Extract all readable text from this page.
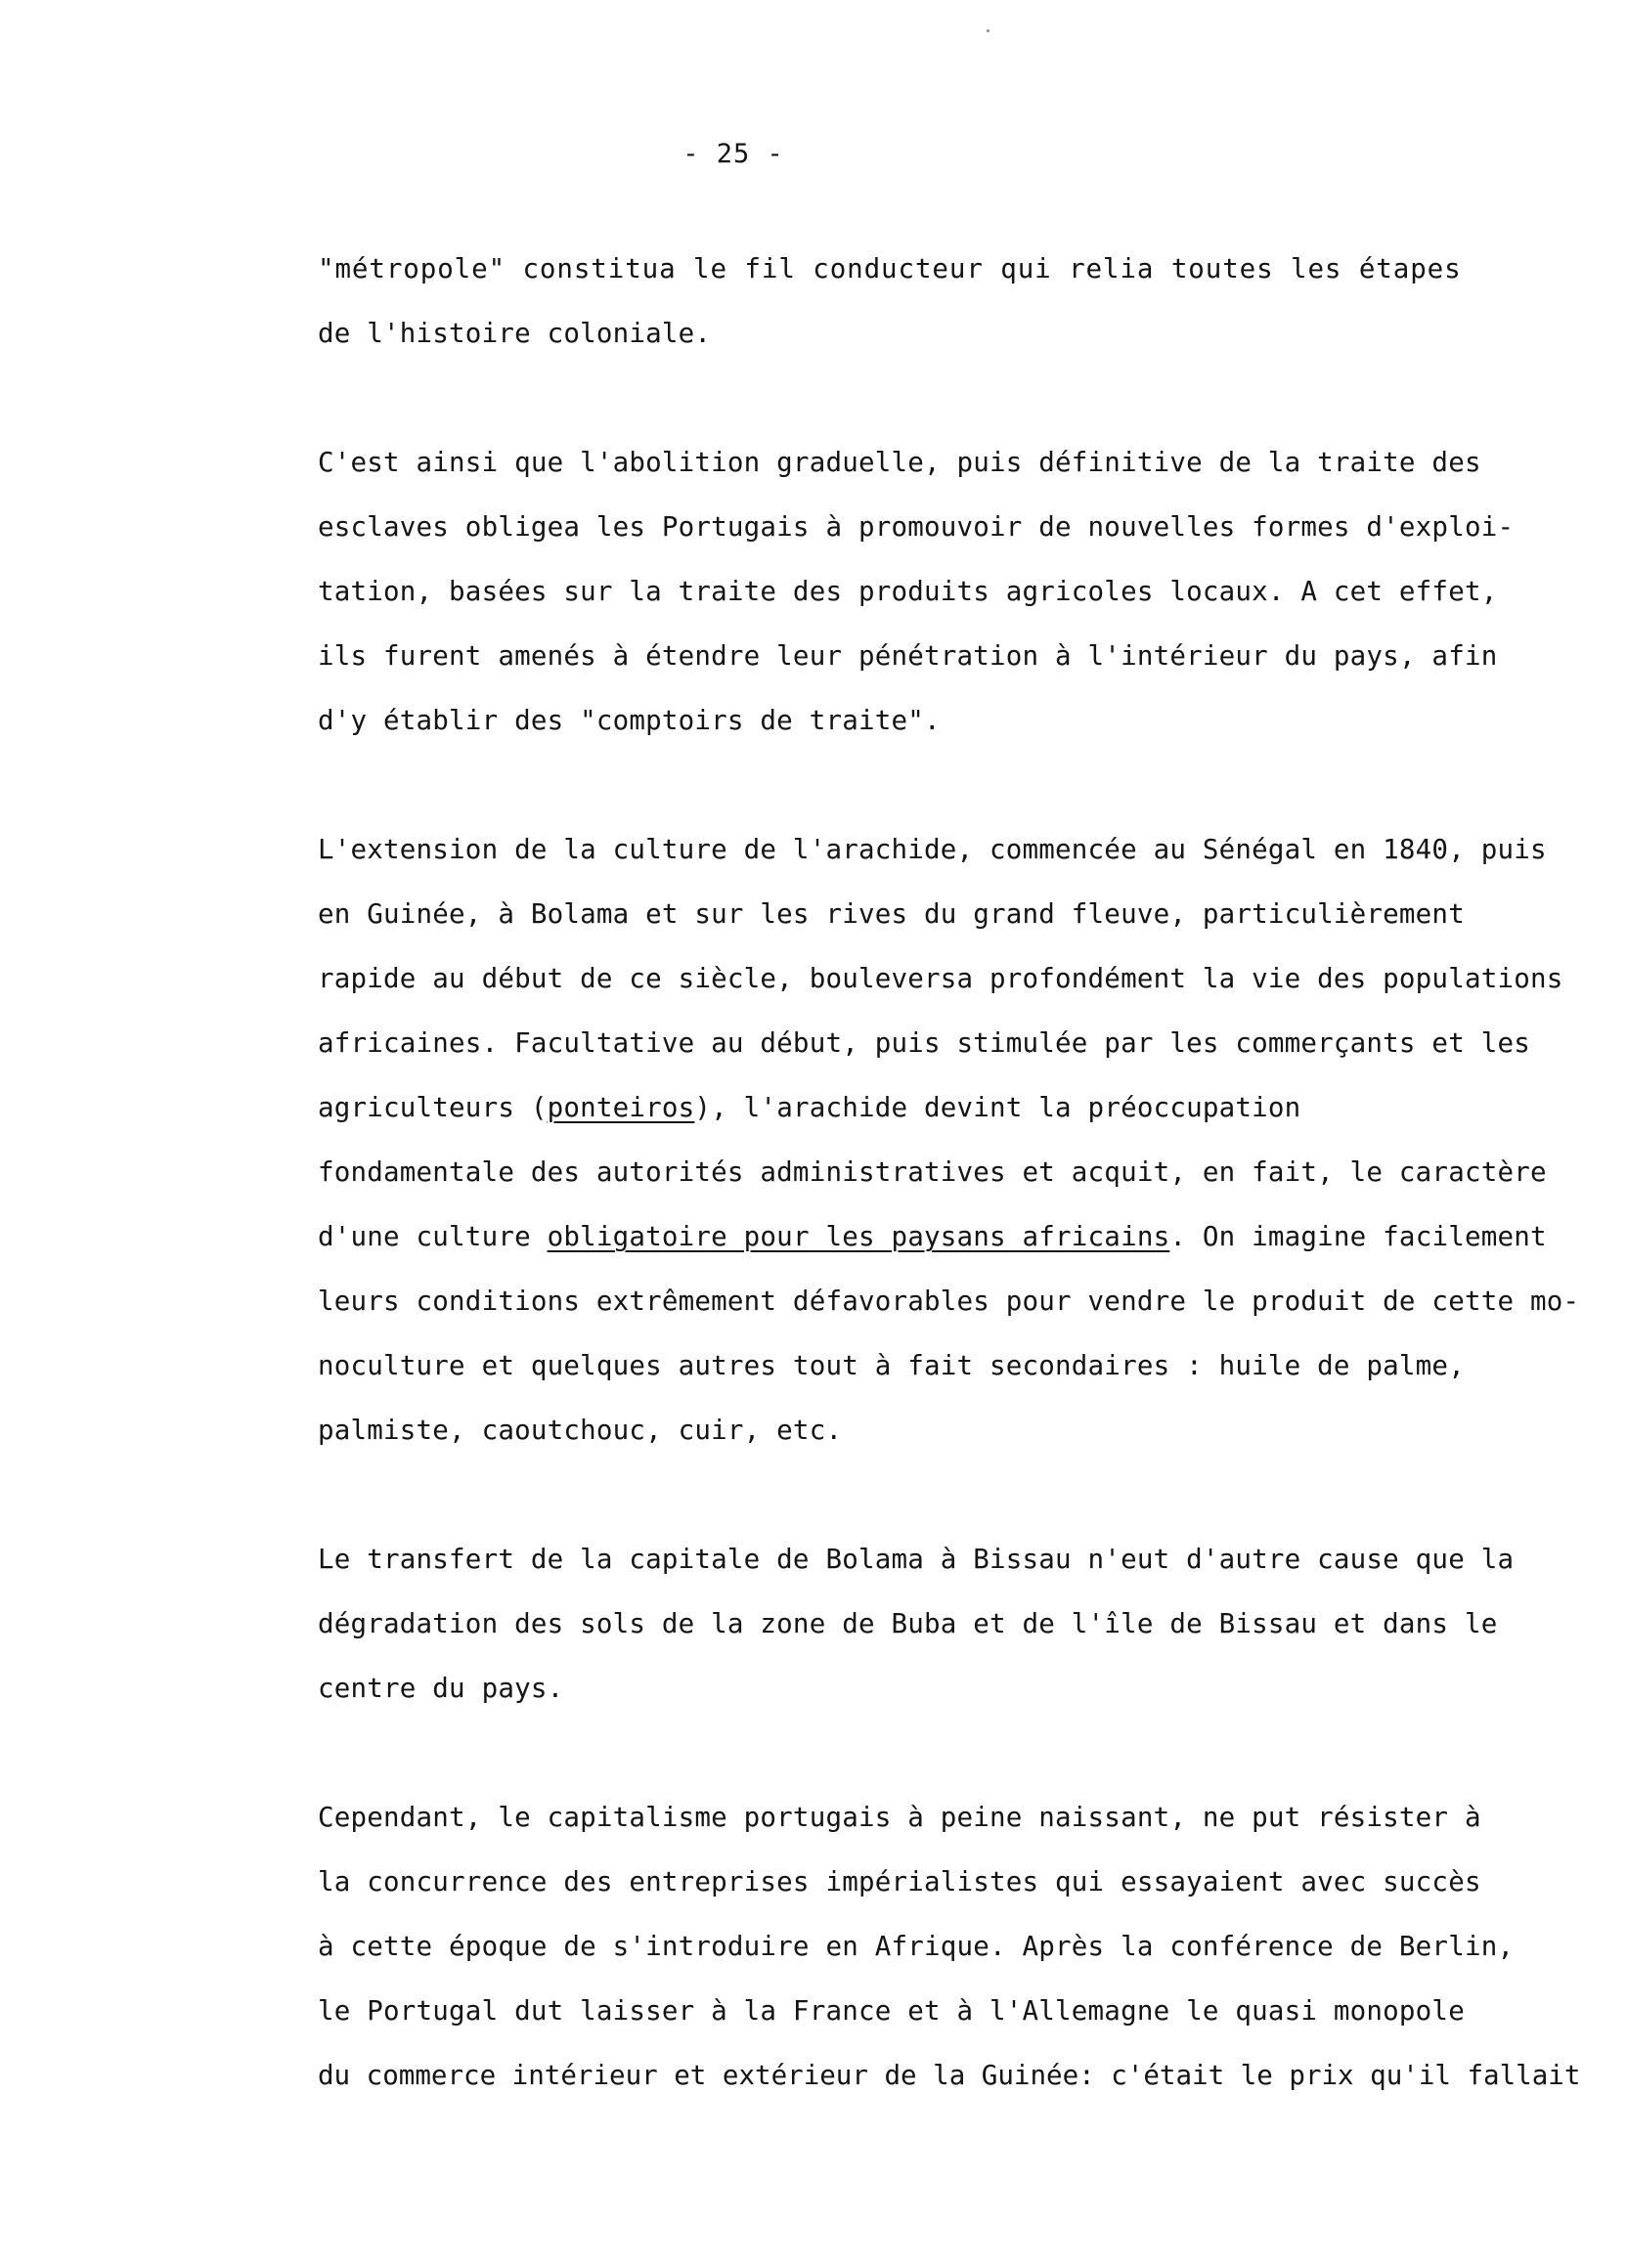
- 25 -
"métropole" constitua le fil conducteur qui relia toutes les étapes
de l'histoire coloniale.
C'est ainsi que l'abolition graduelle, puis définitive de la traite des
esclaves obligea les Portugais à promouvoir de nouvelles formes d'exploi-
tation, basées sur la traite des produits agricoles locaux. A cet effet,
ils furent amenés à étendre leur pénétration à l'intérieur du pays, afin
d'y établir des "comptoirs de traite".
L'extension de la culture de l'arachide, commencée au Sénégal en 1840, puis
en Guinée, à Bolama et sur les rives du grand fleuve, particulièrement
rapide au début de ce siècle, bouleversa profondément la vie des populations
africaines. Facultative au début, puis stimulée par les commerçants et les
agriculteurs (ponteiros), l'arachide devint la préoccupation
fondamentale des autorités administratives et acquit, en fait, le caractère
d'une culture obligatoire pour les paysans africains. On imagine facilement
leurs conditions extrêmement défavorables pour vendre le produit de cette mo-
noculture et quelques autres tout à fait secondaires : huile de palme,
palmiste, caoutchouc, cuir, etc.
Le transfert de la capitale de Bolama à Bissau n'eut d'autre cause que la
dégradation des sols de la zone de Buba et de l'île de Bissau et dans le
centre du pays.
Cependant, le capitalisme portugais à peine naissant, ne put résister à
la concurrence des entreprises impérialistes qui essayaient avec succès
à cette époque de s'introduire en Afrique. Après la conférence de Berlin,
le Portugal dut laisser à la France et à l'Allemagne le quasi monopole
du commerce intérieur et extérieur de la Guinée: c'était le prix qu'il fallait
